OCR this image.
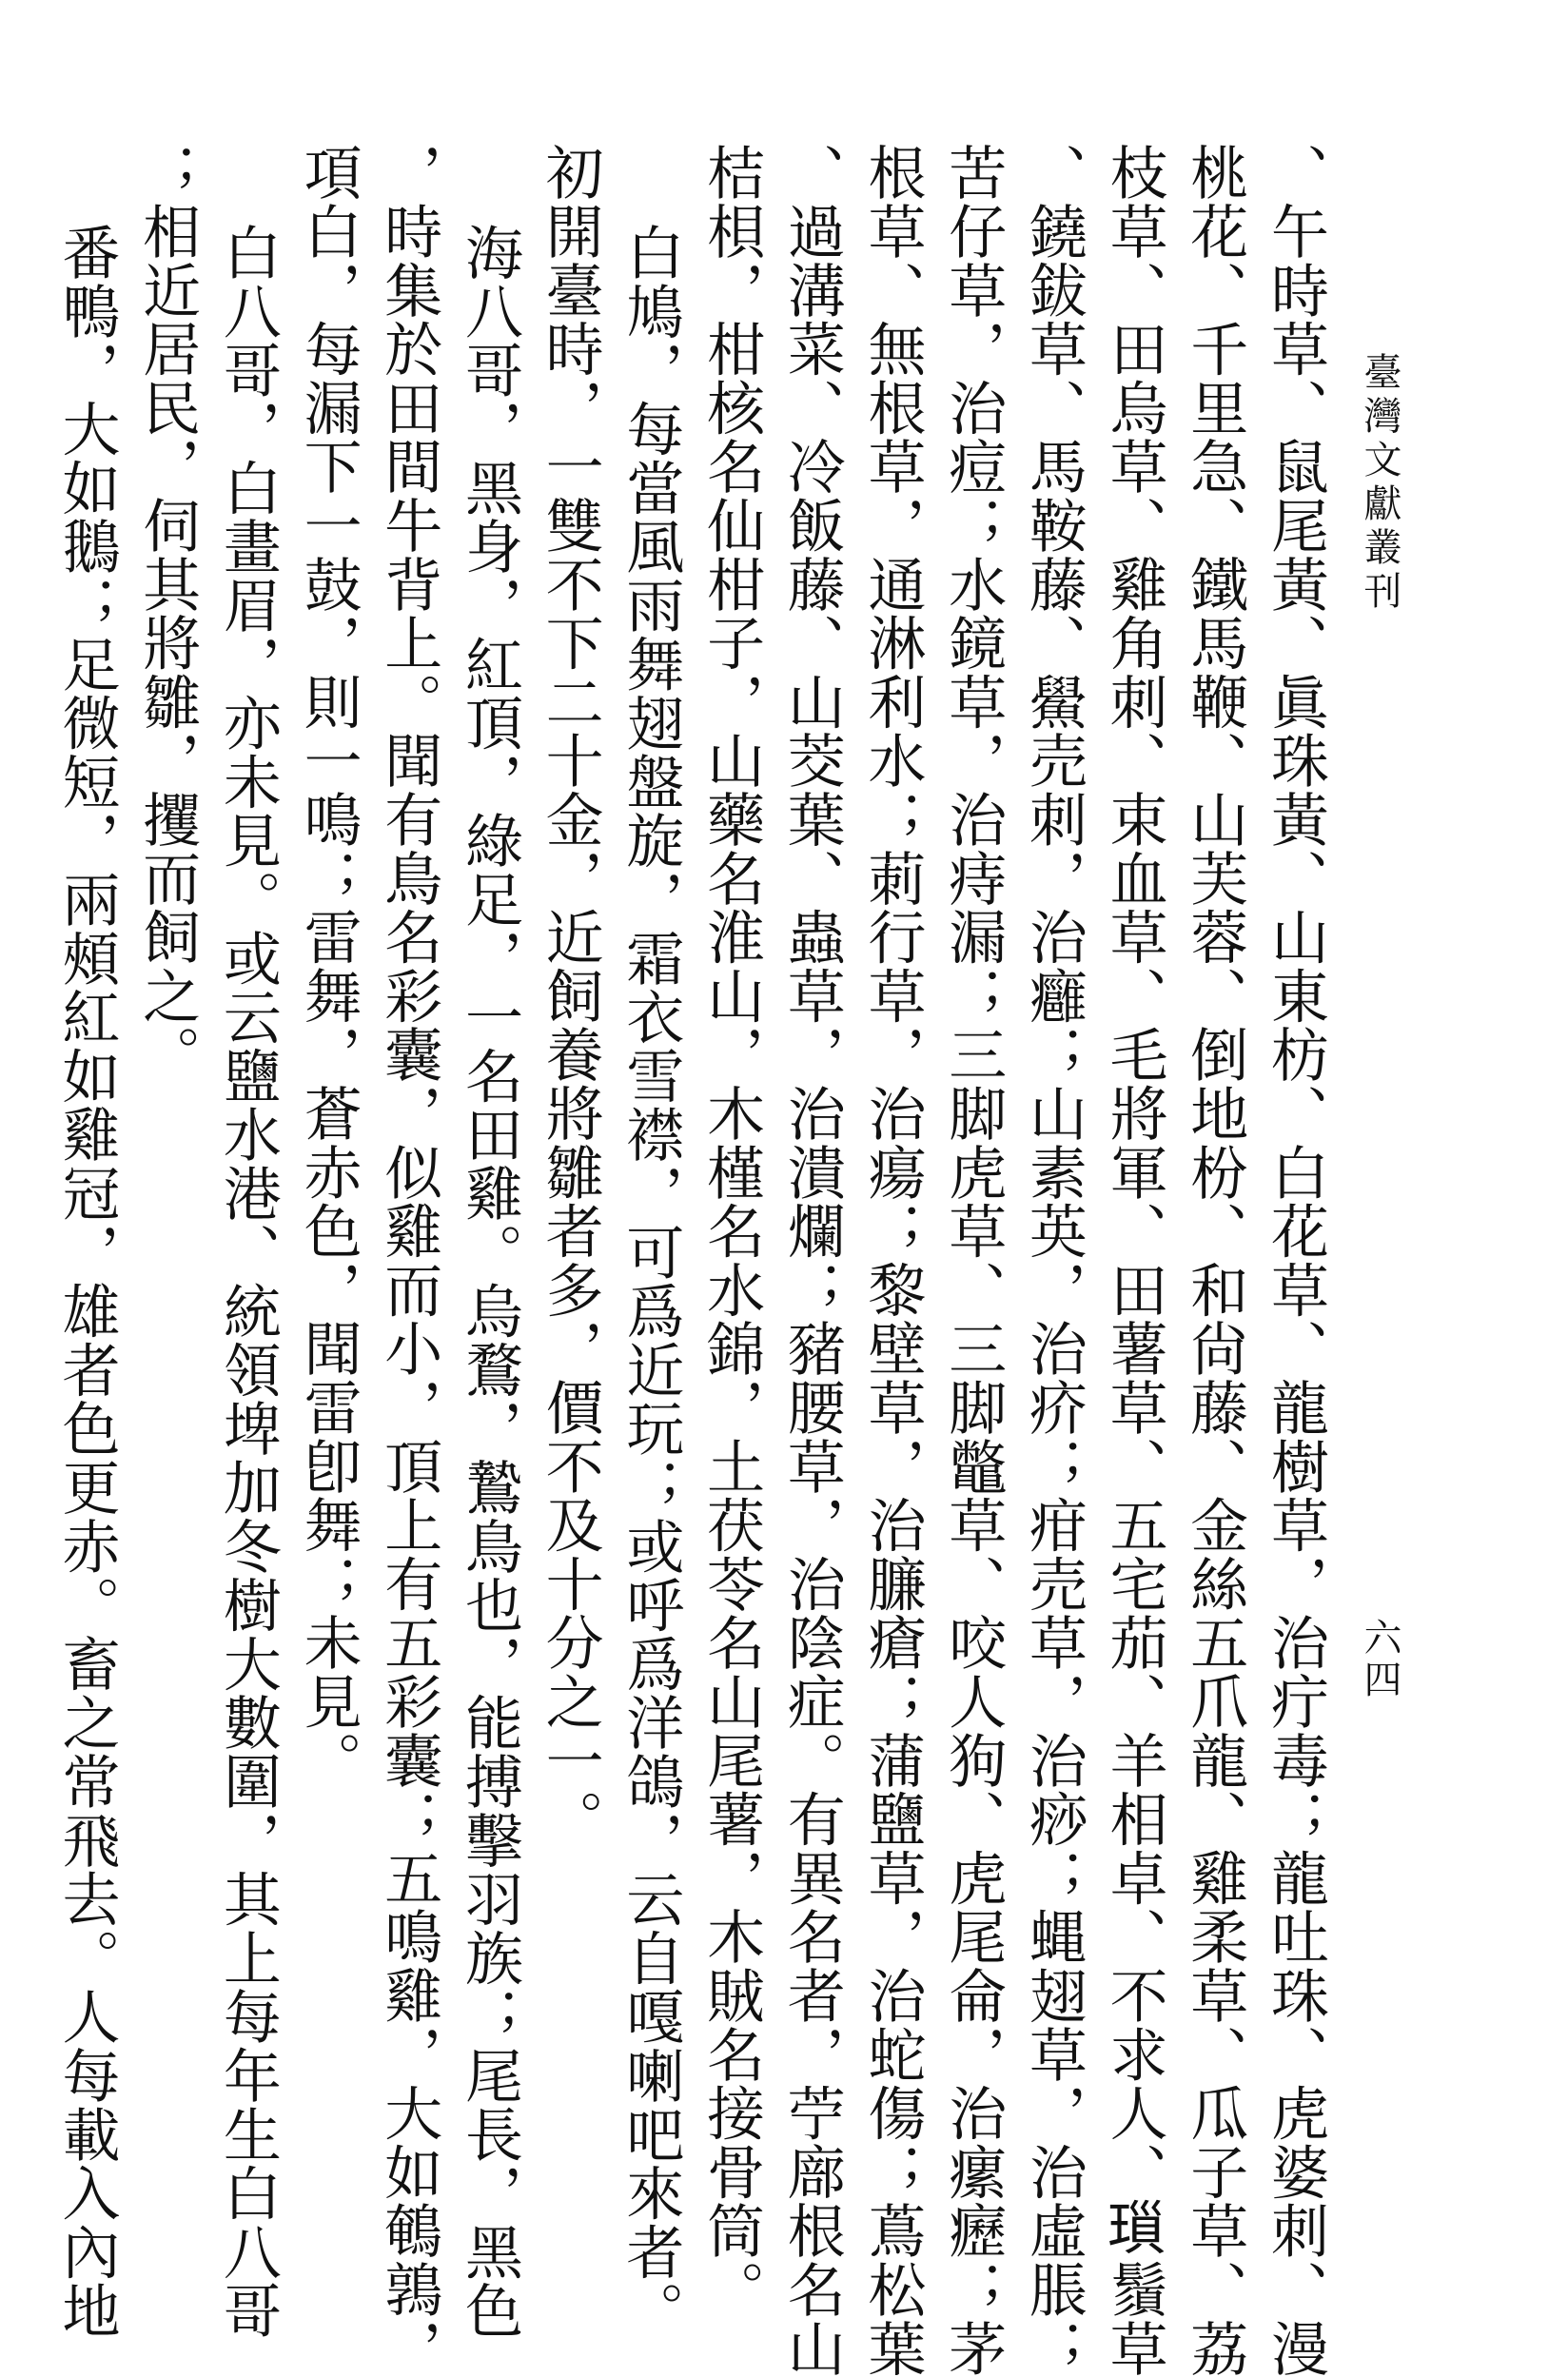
臺灣文獻叢刊
六四
、午時草、鼠尾黃、眞珠黃、山東枋、白花草、龍樹草，治疔毒；龍吐珠、虎婆刺、漫
桃花、千里急、鐵馬鞭、山芙蓉、倒地枌、和尙藤、金絲五爪龍、雞柔草、瓜子草、荔
枝草、田烏草、雞角刺、束血草、毛將軍、田薯草、五宅茄、羊相卓、不求人、𤨏鬚草
、鐃鈸草、馬鞍藤、鱟売刺，治癰；山素英，治疥；疳売草，治痧；蝿翅草，治虛脹；
苦仔草，治痘；水鏡草，治痔漏；三脚虎草、三脚鼈草、咬人狗、虎尾侖，治瘰癧；茅
根草、無根草，通淋利水；莿行草，治瘍；黎壁草，治臁瘡；蒲鹽草，治蛇傷；蔦松葉
、過溝菜、冷飯藤、山茭葉、蟲草，治潰爛；豬腰草，治陰症。有異名者，苧廍根名山
桔梖，柑核名仙柑子，山藥名淮山，木槿名水錦，土茯苓名山尾薯，木賊名接骨筒。
白鳩，每當風雨舞翅盤旋，霜衣雪襟，可爲近玩；或呼爲洋鴿，云自嘎喇吧來者。
初開臺時，一雙不下二十金，近飼養將雛者多，價不及十分之一。
海八哥，黑身，紅頂，綠足，一名田雞。烏鶩，鷙鳥也，能搏擊羽族；尾長，黑色
，時集於田間牛背上。聞有鳥名彩囊，似雞而小，頂上有五彩囊；五鳴雞，大如鵪鶉，
項白，每漏下一鼓，則一鳴；雷舞，蒼赤色，聞雷卽舞；未見。
白八哥，白畫眉，亦未見。或云鹽水港、統領埤加冬樹大數圍，其上每年生白八哥
；相近居民，伺其將雛，攫而飼之。
番鴨，大如鵝；足微短，兩頰紅如雞冠，雄者色更赤。畜之常飛去。人每載入內地
